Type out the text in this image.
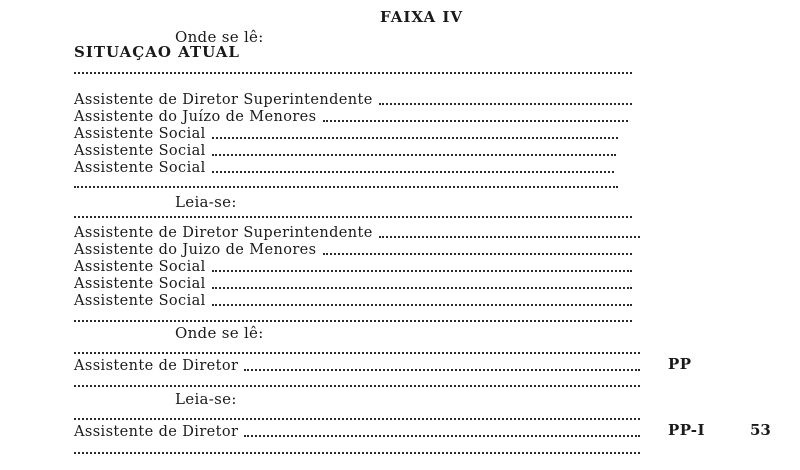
FAIXA IV
Onde se lê:
SITUAÇAO ATUAL
Assistente de Diretor Superintendente
Assistente do Juízo de Menores
Assistente Social
Assistente Social
Assistente Social
Leia-se:
Assistente de Diretor Superintendente
Assistente do Juizo de Menores
Assistente Social
Assistente Social
Assistente Social
Onde se lê:
Assistente de Diretor	PP
Leia-se:
Assistente de Diretor	PP-I	53
